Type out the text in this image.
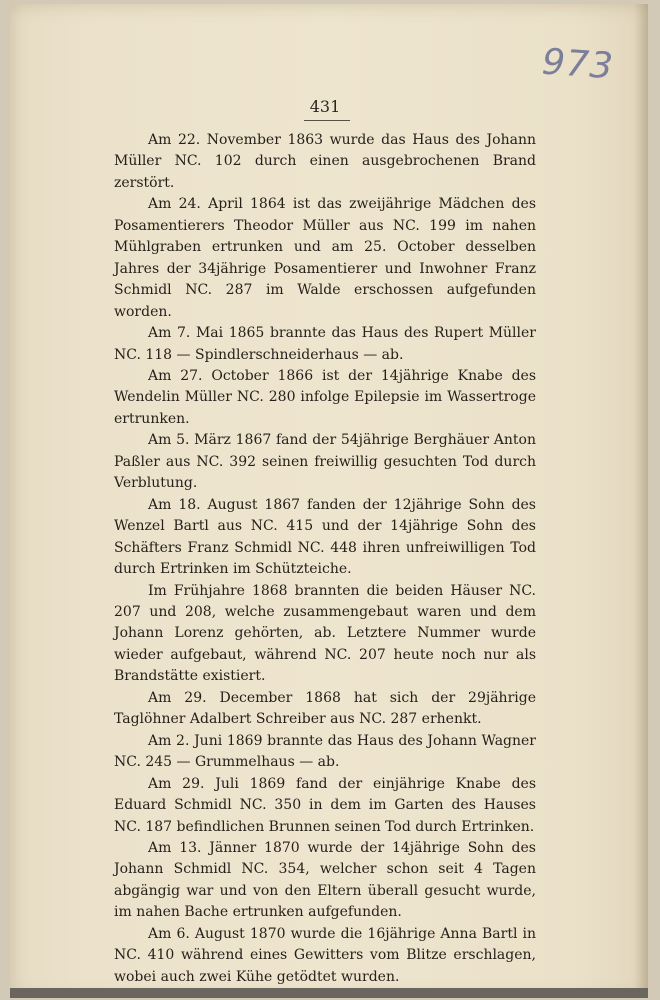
973
431

Am 22. November 1863 wurde das Haus des Johann Müller NC. 102 durch einen ausgebrochenen Brand zerstört.

Am 24. April 1864 ist das zweijährige Mädchen des Posamentierers Theodor Müller aus NC. 199 im nahen Mühlgraben ertrunken und am 25. October desselben Jahres der 34jährige Posamentierer und Inwohner Franz Schmidl NC. 287 im Walde erschossen aufgefunden worden.

Am 7. Mai 1865 brannte das Haus des Rupert Müller NC. 118 — Spindlerschneiderhaus — ab.

Am 27. October 1866 ist der 14jährige Knabe des Wendelin Müller NC. 280 infolge Epilepsie im Wassertroge ertrunken.

Am 5. März 1867 fand der 54jährige Berghäuer Anton Paßler aus NC. 392 seinen freiwillig gesuchten Tod durch Verblutung.

Am 18. August 1867 fanden der 12jährige Sohn des Wenzel Bartl aus NC. 415 und der 14jährige Sohn des Schäfters Franz Schmidl NC. 448 ihren unfreiwilligen Tod durch Ertrinken im Schützteiche.

Im Frühjahre 1868 brannten die beiden Häuser NC. 207 und 208, welche zusammengebaut waren und dem Johann Lorenz gehörten, ab. Letztere Nummer wurde wieder aufgebaut, während NC. 207 heute noch nur als Brandstätte existiert.

Am 29. December 1868 hat sich der 29jährige Taglöhner Adalbert Schreiber aus NC. 287 erhenkt.

Am 2. Juni 1869 brannte das Haus des Johann Wagner NC. 245 — Grummelhaus — ab.

Am 29. Juli 1869 fand der einjährige Knabe des Eduard Schmidl NC. 350 in dem im Garten des Hauses NC. 187 befindlichen Brunnen seinen Tod durch Ertrinken.

Am 13. Jänner 1870 wurde der 14jährige Sohn des Johann Schmidl NC. 354, welcher schon seit 4 Tagen abgängig war und von den Eltern überall gesucht wurde, im nahen Bache ertrunken aufgefunden.

Am 6. August 1870 wurde die 16jährige Anna Bartl in NC. 410 während eines Gewitters vom Blitze erschlagen, wobei auch zwei Kühe getödtet wurden.
